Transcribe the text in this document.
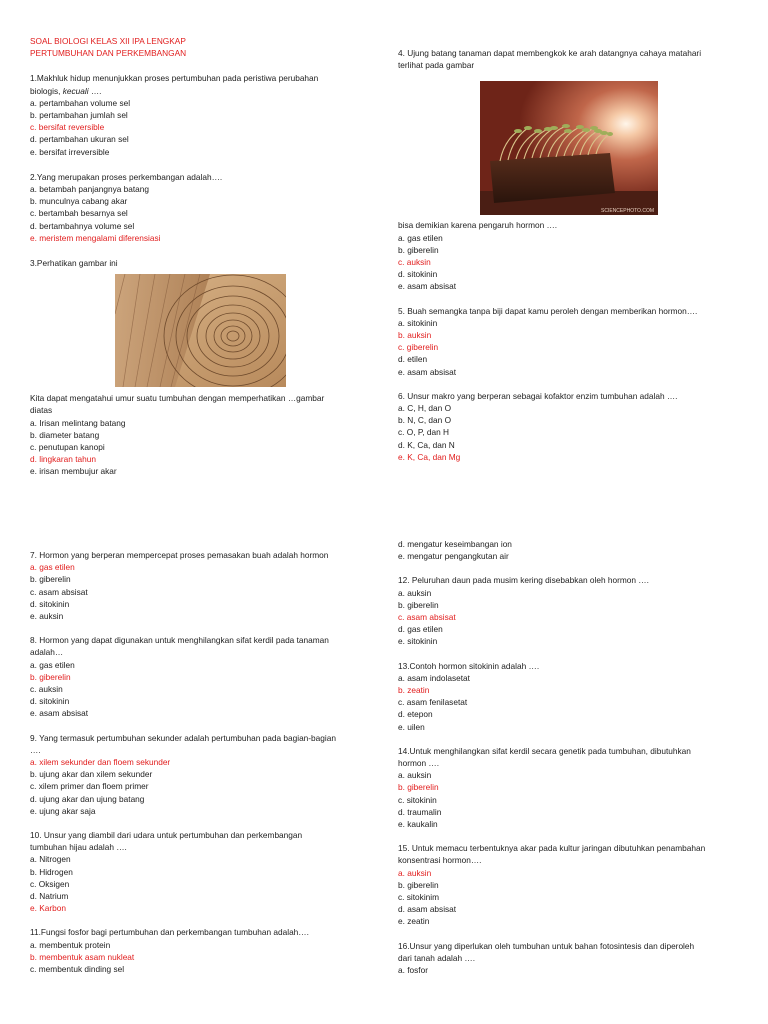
SOAL BIOLOGI KELAS XII IPA LENGKAP
PERTUMBUHAN DAN PERKEMBANGAN
1.Makhluk hidup menunjukkan proses pertumbuhan pada peristiwa perubahan
biologis, kecuali ….
a. pertambahan volume sel
b. pertambahan jumlah sel
c. bersifat reversible
d. pertambahan ukuran sel
e. bersifat irreversible
2.Yang merupakan proses perkembangan adalah….
a. betambah panjangnya batang
b. munculnya cabang akar
c. bertambah besarnya sel
d. bertambahnya volume sel
e. meristem mengalami diferensiasi
3.Perhatikan gambar ini
Kita dapat mengatahui umur suatu tumbuhan dengan memperhatikan …gambar
diatas
a. Irisan melintang batang
b. diameter batang
c. penutupan kanopi
d. lingkaran tahun
e. irisan membujur akar
4. Ujung batang tanaman dapat membengkok ke arah datangnya cahaya matahari
terlihat pada gambar
SCIENCEPHOTO.COM
bisa demikian karena pengaruh hormon ….
a. gas etilen
b. giberelin
c. auksin
d. sitokinin
e. asam absisat
5. Buah semangka tanpa biji dapat kamu peroleh dengan memberikan hormon….
a. sitokinin
b. auksin
c. giberelin
d. etilen
e. asam absisat
6. Unsur makro yang berperan sebagai kofaktor enzim tumbuhan adalah ….
a. C, H, dan O
b. N, C, dan O
c. O, P, dan H
d. K, Ca, dan N
e. K, Ca, dan Mg
7. Hormon yang berperan mempercepat proses pemasakan buah adalah hormon
a. gas etilen
b. giberelin
c. asam absisat
d. sitokinin
e. auksin
8. Hormon yang dapat digunakan untuk menghilangkan sifat kerdil pada tanaman
adalah…
a. gas etilen
b. giberelin
c. auksin
d. sitokinin
e. asam absisat
9. Yang termasuk pertumbuhan sekunder adalah pertumbuhan pada bagian-bagian
….
a. xilem sekunder dan floem sekunder
b. ujung akar dan xilem sekunder
c. xilem primer dan floem primer
d. ujung akar dan ujung batang
e. ujung akar saja
10. Unsur yang diambil dari udara untuk pertumbuhan dan perkembangan
tumbuhan hijau adalah ….
a. Nitrogen
b. Hidrogen
c. Oksigen
d. Natrium
e. Karbon
11.Fungsi fosfor bagi pertumbuhan dan perkembangan tumbuhan adalah….
a. membentuk protein
b. membentuk asam nukleat
c. membentuk dinding sel
d. mengatur keseimbangan ion
e. mengatur pengangkutan air
12. Peluruhan daun pada musim kering disebabkan oleh hormon ….
a. auksin
b. giberelin
c. asam absisat
d. gas etilen
e. sitokinin
13.Contoh hormon sitokinin adalah ….
a. asam indolasetat
b. zeatin
c. asam fenilasetat
d. etepon
e. uilen
14.Untuk menghilangkan sifat kerdil secara genetik pada tumbuhan, dibutuhkan
hormon ….
a. auksin
b. giberelin
c. sitokinin
d. traumalin
e. kaukalin
15. Untuk memacu terbentuknya akar pada kultur jaringan dibutuhkan penambahan
konsentrasi hormon….
a. auksin
b. giberelin
c. sitokinim
d. asam absisat
e. zeatin
16.Unsur yang diperlukan oleh tumbuhan untuk bahan fotosintesis dan diperoleh
dari tanah adalah ….
a. fosfor
